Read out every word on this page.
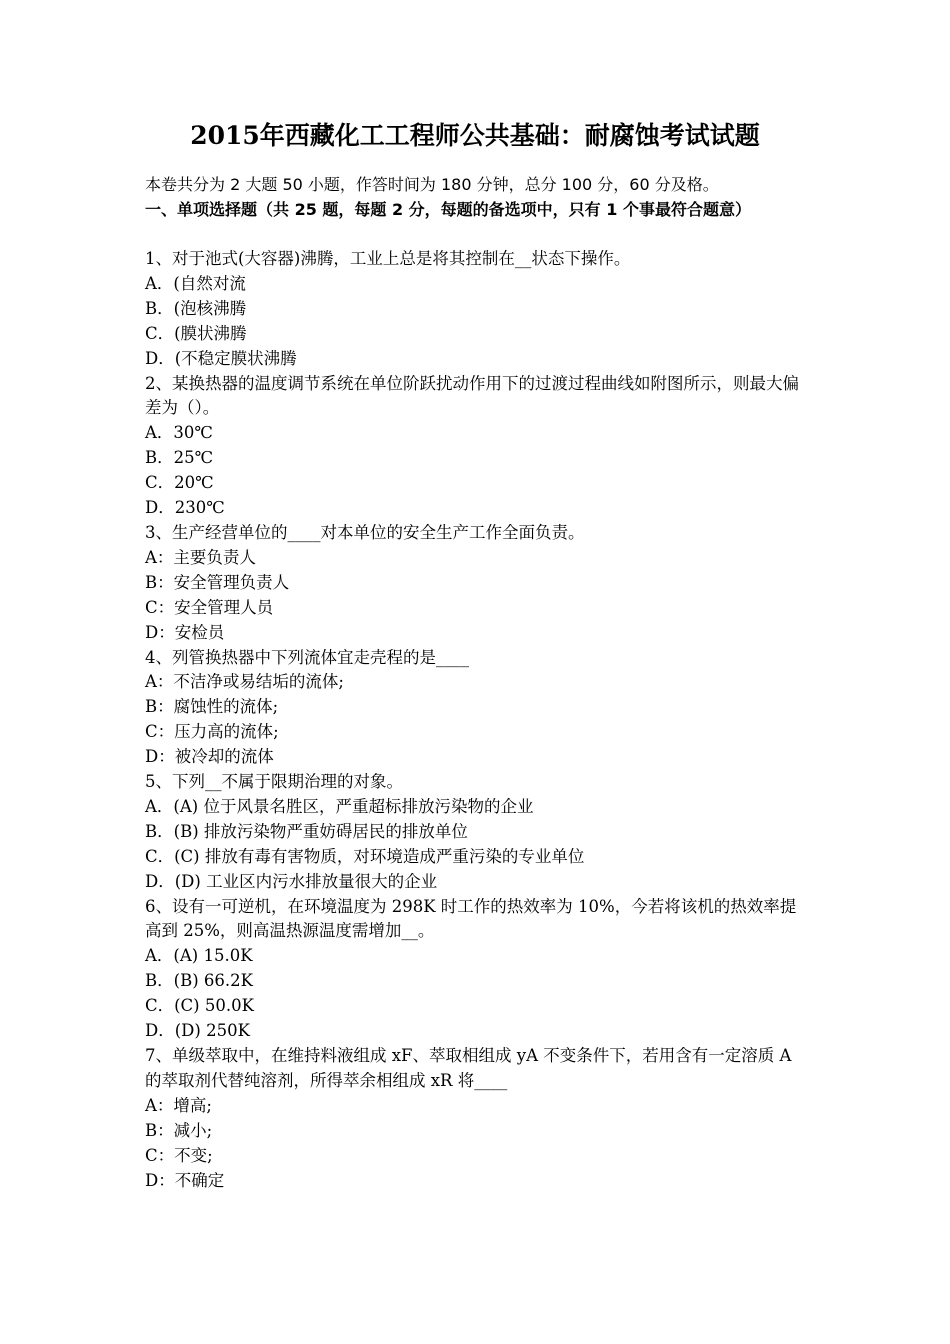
2015年西藏化工工程师公共基础：耐腐蚀考试试题
本卷共分为 2 大题 50 小题，作答时间为 180 分钟，总分 100 分，60 分及格。
一、单项选择题（共 25 题，每题 2 分，每题的备选项中，只有 1 个事最符合题意）

1、对于池式(大容器)沸腾，工业上总是将其控制在__状态下操作。

A．(自然对流

B．(泡核沸腾

C．(膜状沸腾

D．(不稳定膜状沸腾

2、某换热器的温度调节系统在单位阶跃扰动作用下的过渡过程曲线如附图所示，则最大偏差为（）。

A．30℃

B．25℃

C．20℃

D．230℃

3、生产经营单位的____对本单位的安全生产工作全面负责。

A：主要负责人

B：安全管理负责人

C：安全管理人员

D：安检员

4、列管换热器中下列流体宜走壳程的是____

A：不洁净或易结垢的流体;

B：腐蚀性的流体;

C：压力高的流体;

D：被冷却的流体

5、下列__不属于限期治理的对象。

A．(A) 位于风景名胜区，严重超标排放污染物的企业

B．(B) 排放污染物严重妨碍居民的排放单位

C．(C) 排放有毒有害物质，对环境造成严重污染的专业单位

D．(D) 工业区内污水排放量很大的企业

6、设有一可逆机，在环境温度为 298K 时工作的热效率为 10%，今若将该机的热效率提高到 25%，则高温热源温度需增加__。

A．(A) 15.0K

B．(B) 66.2K

C．(C) 50.0K

D．(D) 250K

7、单级萃取中，在维持料液组成 xF、萃取相组成 yA 不变条件下，若用含有一定溶质 A 的萃取剂代替纯溶剂，所得萃余相组成 xR 将____

A：增高;

B：减小;

C：不变;

D：不确定
